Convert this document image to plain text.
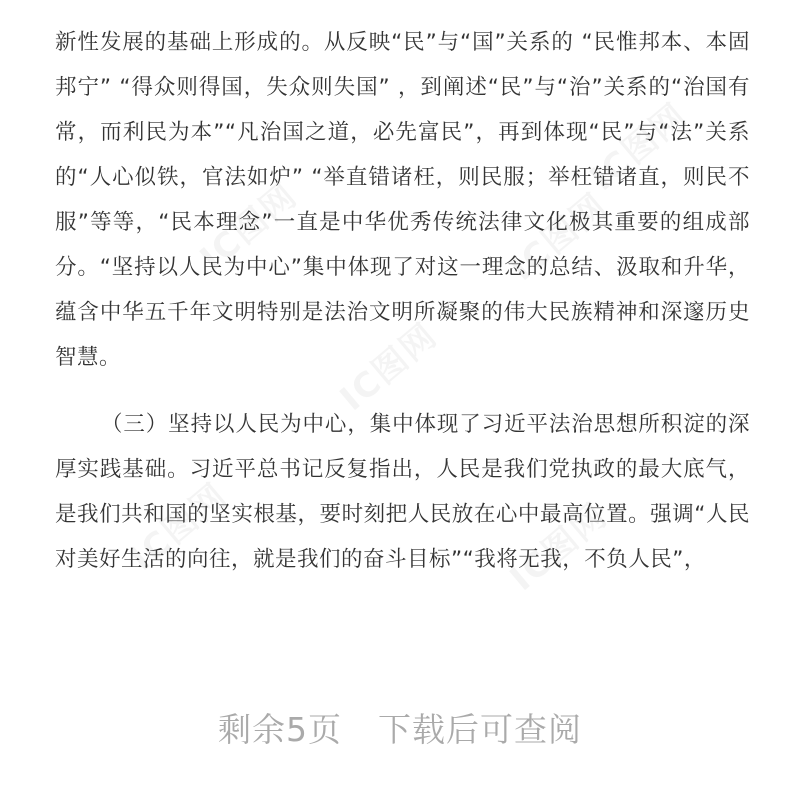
新性发展的基础上形成的。从反映“民”与“国”关系的 “民惟邦本、本固邦宁” “得众则得国，失众则失国” ，到阐述“民”与“治”关系的“治国有常，而利民为本”“凡治国之道，必先富民”，再到体现“民”与“法”关系的“人心似铁，官法如炉” “举直错诸枉，则民服；举枉错诸直，则民不服”等等，“民本理念”一直是中华优秀传统法律文化极其重要的组成部分。“坚持以人民为中心”集中体现了对这一理念的总结、汲取和升华，蕴含中华五千年文明特别是法治文明所凝聚的伟大民族精神和深邃历史智慧。

（三）坚持以人民为中心，集中体现了习近平法治思想所积淀的深厚实践基础。习近平总书记反复指出，人民是我们党执政的最大底气，是我们共和国的坚实根基，要时刻把人民放在心中最高位置。强调“人民对美好生活的向往，就是我们的奋斗目标”“我将无我，不负人民”，

剩余5页 下载后可查阅
